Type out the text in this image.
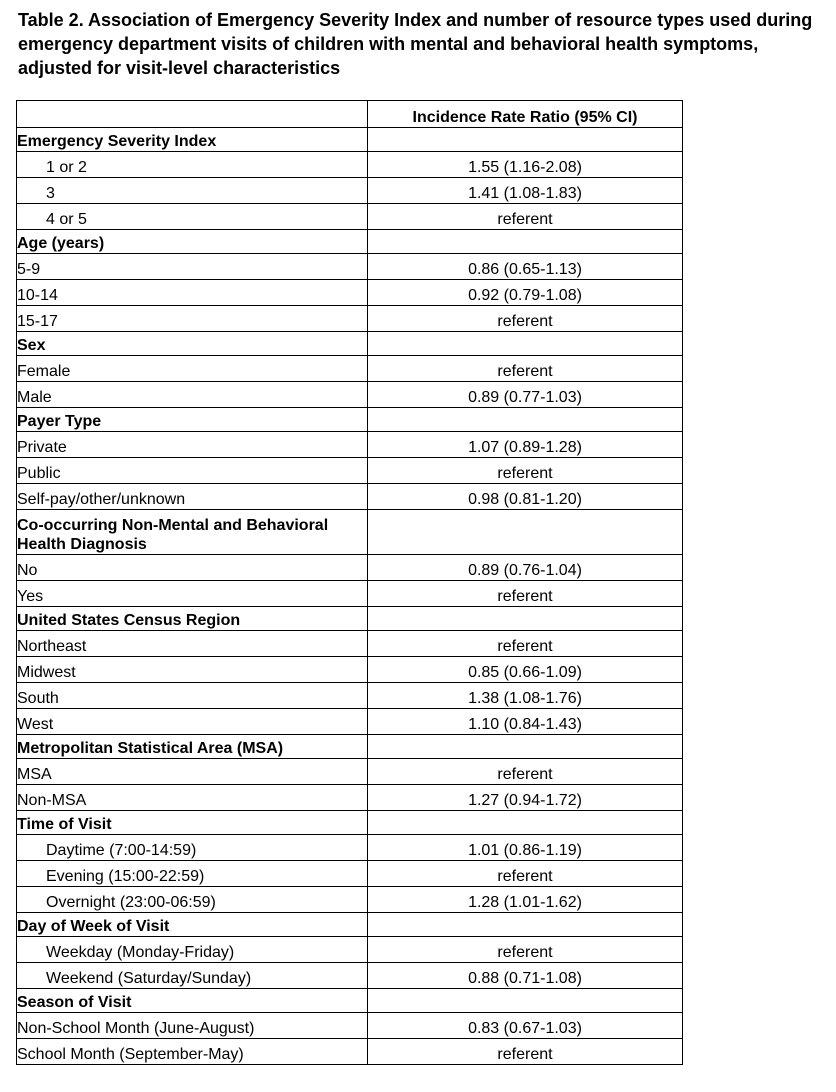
Table 2. Association of Emergency Severity Index and number of resource types used during emergency department visits of children with mental and behavioral health symptoms, adjusted for visit-level characteristics
	Incidence Rate Ratio (95% CI)
Emergency Severity Index	
1 or 2	1.55 (1.16-2.08)
3	1.41 (1.08-1.83)
4 or 5	referent
Age (years)	
5-9	0.86 (0.65-1.13)
10-14	0.92 (0.79-1.08)
15-17	referent
Sex	
Female	referent
Male	0.89 (0.77-1.03)
Payer Type	
Private	1.07 (0.89-1.28)
Public	referent
Self-pay/other/unknown	0.98 (0.81-1.20)
Co-occurring Non-Mental and Behavioral Health Diagnosis	
No	0.89 (0.76-1.04)
Yes	referent
United States Census Region	
Northeast	referent
Midwest	0.85 (0.66-1.09)
South	1.38 (1.08-1.76)
West	1.10 (0.84-1.43)
Metropolitan Statistical Area (MSA)	
MSA	referent
Non-MSA	1.27 (0.94-1.72)
Time of Visit	
Daytime (7:00-14:59)	1.01 (0.86-1.19)
Evening (15:00-22:59)	referent
Overnight (23:00-06:59)	1.28 (1.01-1.62)
Day of Week of Visit	
Weekday (Monday-Friday)	referent
Weekend (Saturday/Sunday)	0.88 (0.71-1.08)
Season of Visit	
Non-School Month (June-August)	0.83 (0.67-1.03)
School Month (September-May)	referent
